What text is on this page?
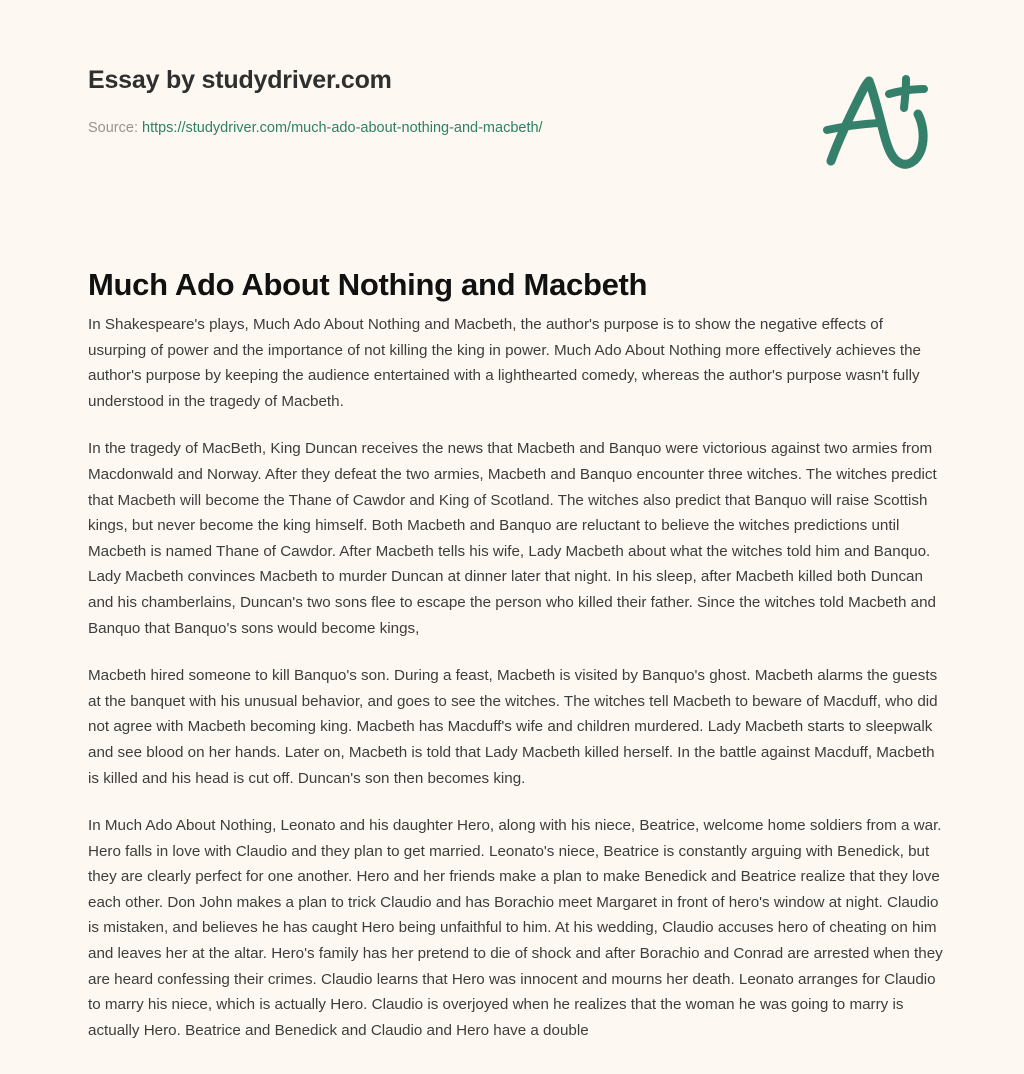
Essay by studydriver.com
Source: https://studydriver.com/much-ado-about-nothing-and-macbeth/
Much Ado About Nothing and Macbeth

In Shakespeare's plays, Much Ado About Nothing and Macbeth, the author's purpose is to show the negative effects of usurping of power and the importance of not killing the king in power. Much Ado About Nothing more effectively achieves the author's purpose by keeping the audience entertained with a lighthearted comedy, whereas the author's purpose wasn't fully understood in the tragedy of Macbeth.

In the tragedy of MacBeth, King Duncan receives the news that Macbeth and Banquo were victorious against two armies from Macdonwald and Norway. After they defeat the two armies, Macbeth and Banquo encounter three witches. The witches predict that Macbeth will become the Thane of Cawdor and King of Scotland. The witches also predict that Banquo will raise Scottish kings, but never become the king himself. Both Macbeth and Banquo are reluctant to believe the witches predictions until Macbeth is named Thane of Cawdor. After Macbeth tells his wife, Lady Macbeth about what the witches told him and Banquo. Lady Macbeth convinces Macbeth to murder Duncan at dinner later that night. In his sleep, after Macbeth killed both Duncan and his chamberlains, Duncan's two sons flee to escape the person who killed their father. Since the witches told Macbeth and Banquo that Banquo's sons would become kings,

Macbeth hired someone to kill Banquo's son. During a feast, Macbeth is visited by Banquo's ghost. Macbeth alarms the guests at the banquet with his unusual behavior, and goes to see the witches. The witches tell Macbeth to beware of Macduff, who did not agree with Macbeth becoming king. Macbeth has Macduff's wife and children murdered. Lady Macbeth starts to sleepwalk and see blood on her hands. Later on, Macbeth is told that Lady Macbeth killed herself. In the battle against Macduff, Macbeth is killed and his head is cut off. Duncan's son then becomes king.

In Much Ado About Nothing, Leonato and his daughter Hero, along with his niece, Beatrice, welcome home soldiers from a war. Hero falls in love with Claudio and they plan to get married. Leonato's niece, Beatrice is constantly arguing with Benedick, but they are clearly perfect for one another. Hero and her friends make a plan to make Benedick and Beatrice realize that they love each other. Don John makes a plan to trick Claudio and has Borachio meet Margaret in front of hero's window at night. Claudio is mistaken, and believes he has caught Hero being unfaithful to him. At his wedding, Claudio accuses hero of cheating on him and leaves her at the altar. Hero's family has her pretend to die of shock and after Borachio and Conrad are arrested when they are heard confessing their crimes. Claudio learns that Hero was innocent and mourns her death. Leonato arranges for Claudio to marry his niece, which is actually Hero. Claudio is overjoyed when he realizes that the woman he was going to marry is actually Hero. Beatrice and Benedick and Claudio and Hero have a double
